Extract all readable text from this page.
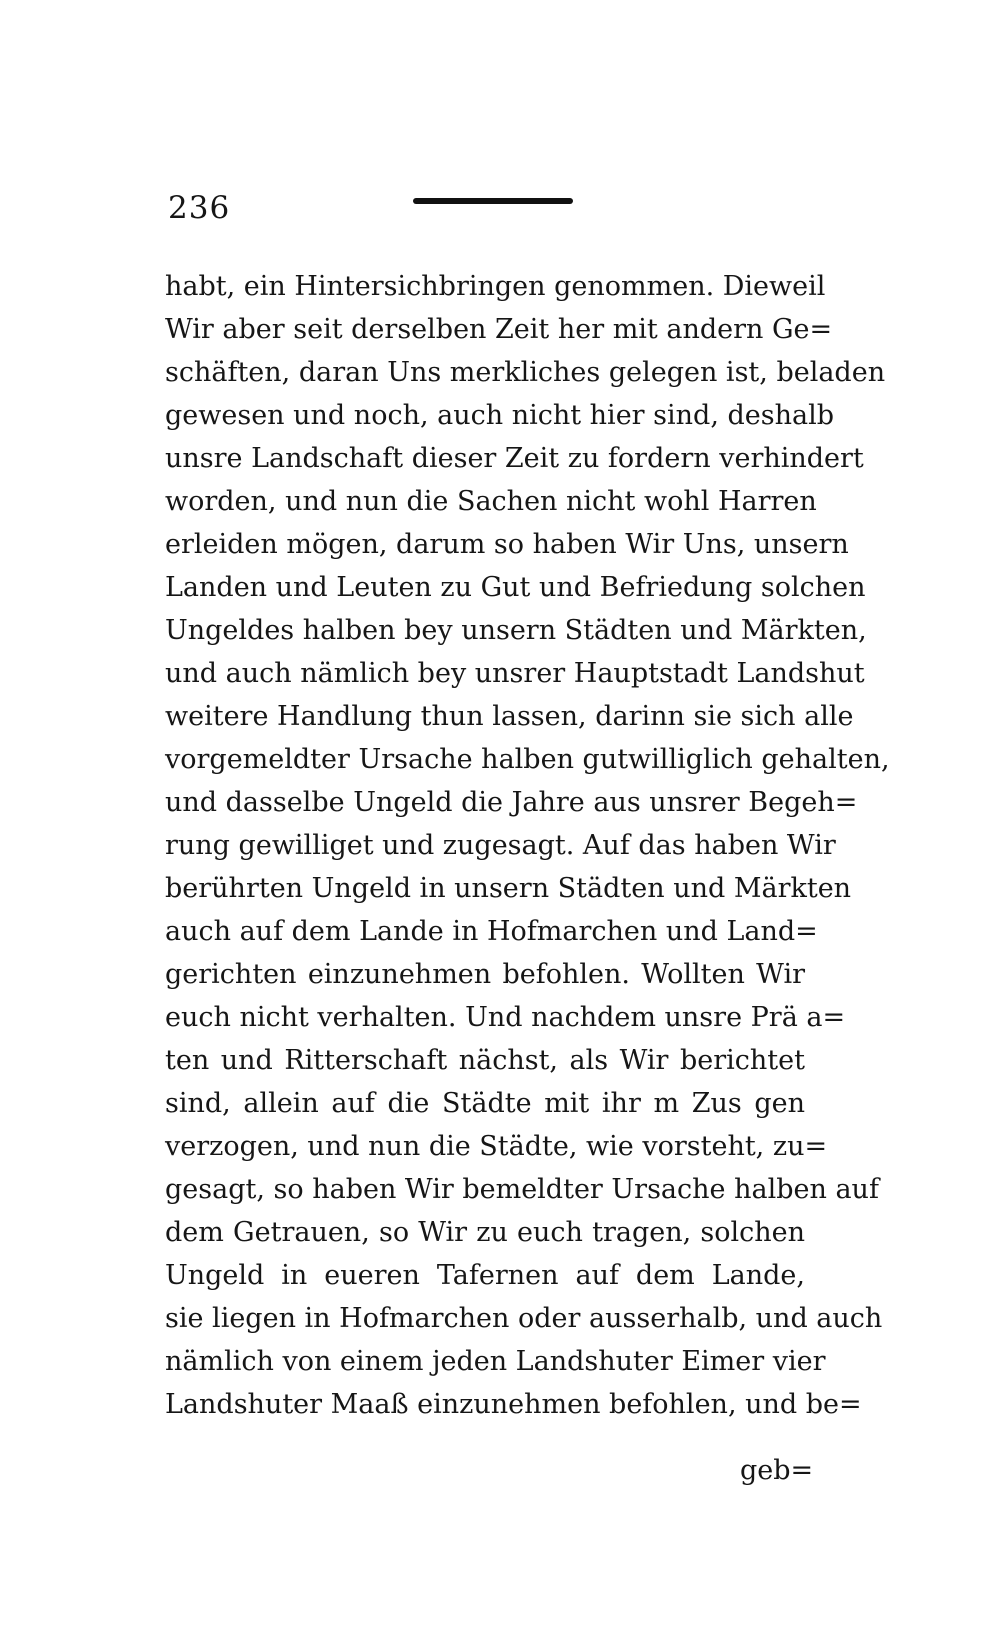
236
habt, ein Hintersichbringen genommen. Dieweil
Wir aber seit derselben Zeit her mit andern Ge=
schäften, daran Uns merkliches gelegen ist, beladen
gewesen und noch, auch nicht hier sind, deshalb
unsre Landschaft dieser Zeit zu fordern verhindert
worden, und nun die Sachen nicht wohl Harren
erleiden mögen, darum so haben Wir Uns, unsern
Landen und Leuten zu Gut und Befriedung solchen
Ungeldes halben bey unsern Städten und Märkten,
und auch nämlich bey unsrer Hauptstadt Landshut
weitere Handlung thun lassen, darinn sie sich alle
vorgemeldter Ursache halben gutwilliglich gehalten,
und dasselbe Ungeld die Jahre aus unsrer Begeh=
rung gewilliget und zugesagt. Auf das haben Wir
berührten Ungeld in unsern Städten und Märkten
auch auf dem Lande in Hofmarchen und Land=
gerichten einzunehmen befohlen. Wollten Wir
euch nicht verhalten. Und nachdem unsre Prä a=
ten und Ritterschaft nächst, als Wir berichtet
sind, allein auf die Städte mit ihr m Zus gen
verzogen, und nun die Städte, wie vorsteht, zu=
gesagt, so haben Wir bemeldter Ursache halben auf
dem Getrauen, so Wir zu euch tragen, solchen
Ungeld in eueren Tafernen auf dem Lande,
sie liegen in Hofmarchen oder ausserhalb, und auch
nämlich von einem jeden Landshuter Eimer vier
Landshuter Maaß einzunehmen befohlen, und be=
geb=
